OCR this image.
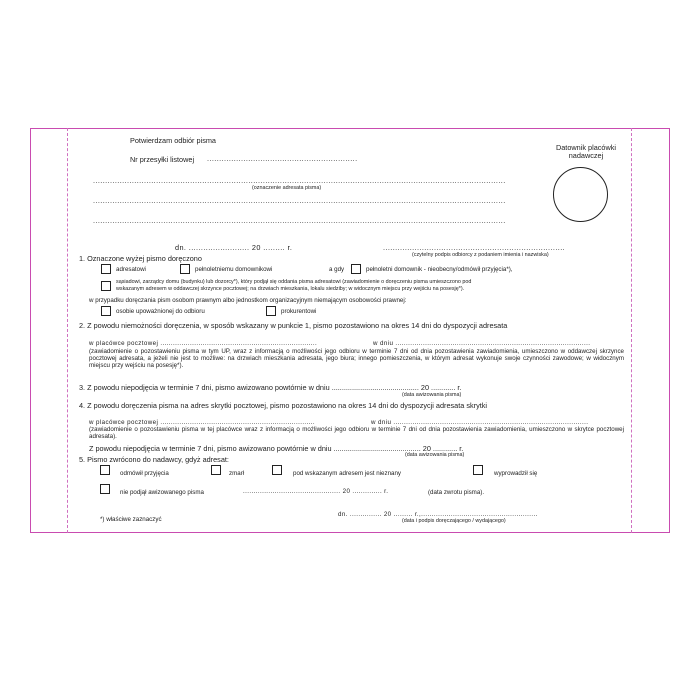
Potwierdzam odbiór pisma
Nr przesyłki listowej ..............................................................
..........................................................................................................................................................................
(oznaczenie adresata pisma)
..........................................................................................................................................................................
..........................................................................................................................................................................
Datownik placówki
nadawczej
dn. ......................... 20 ......... r.	...........................................................................
(czytelny podpis odbiorcy z podaniem imienia i nazwiska)
1. Oznaczone wyżej pismo doręczono
adresatowi	pełnoletniemu domownikowi	a gdy	pełnoletni domownik - nieobecny/odmówił przyjęcia*),
sąsiadowi, zarządcy domu (budynku) lub dozorcy*), który podjął się oddania pisma adresatowi (zawiadomienie o doręczeniu pisma umieszczono pod
wskazanym adresem w oddawczej skrzynce pocztowej; na drzwiach mieszkania, lokalu siedziby; w widocznym miejscu przy wejściu na posesję*).
w przypadku doręczania pism osobom prawnym albo jednostkom organizacyjnym niemającym osobowości prawnej:
osobie upoważnionej do odbioru	prokurentowi
2. Z powodu niemożności doręczenia, w sposób wskazany w punkcie 1, pismo pozostawiono na okres 14 dni do dyspozycji adresata
w placówce pocztowej ..........................................................................	w dniu ............................................................................................
(zawiadomienie o pozostawieniu pisma w tym UP, wraz z informacją o możliwości jego odbioru w terminie 7 dni od dnia pozostawienia zawiadomienia, umieszczono w oddawczej skrzynce pocztowej adresata, a jeżeli nie jest to możliwe: na drzwiach mieszkania adresata, jego biura; innego pomieszczenia, w którym adresat wykonuje swoje czynności zawodowe; w widocznym miejscu przy wejściu na posesję*).
3. Z powodu niepodjęcia w terminie 7 dni, pismo awizowano powtórnie w dniu ........................................... 20 ............ r.
(data awizowania pisma)
4. Z powodu doręczenia pisma na adres skrytki pocztowej, pismo pozostawiono na okres 14 dni do dyspozycji adresata skrytki
w placówce pocztowej .........................................................................	w dniu ............................................................................................
(zawiadomienie o pozostawieniu pisma w tej placówce wraz z informacją o możliwości jego odbioru w terminie 7 dni od dnia pozostawienia zawiadomienia, umieszczono w skrytce pocztowej adresata).
Z powodu niepodjęcia w terminie 7 dni, pismo awizowano powtórnie w dniu ........................................... 20 ............ r.
(data awizowania pisma)
5. Pismo zwrócono do nadawcy, gdyż adresat:
odmówił przyjęcia	zmarł	pod wskazanym adresem jest nieznany	wyprowadził się
nie podjął awizowanego pisma	.............................................. 20 .............. r.	(data zwrotu pisma).
*) właściwe zaznaczyć
dn. ............... 20 ......... r.,.......................................................
(data i podpis doręczającego / wydającego)
